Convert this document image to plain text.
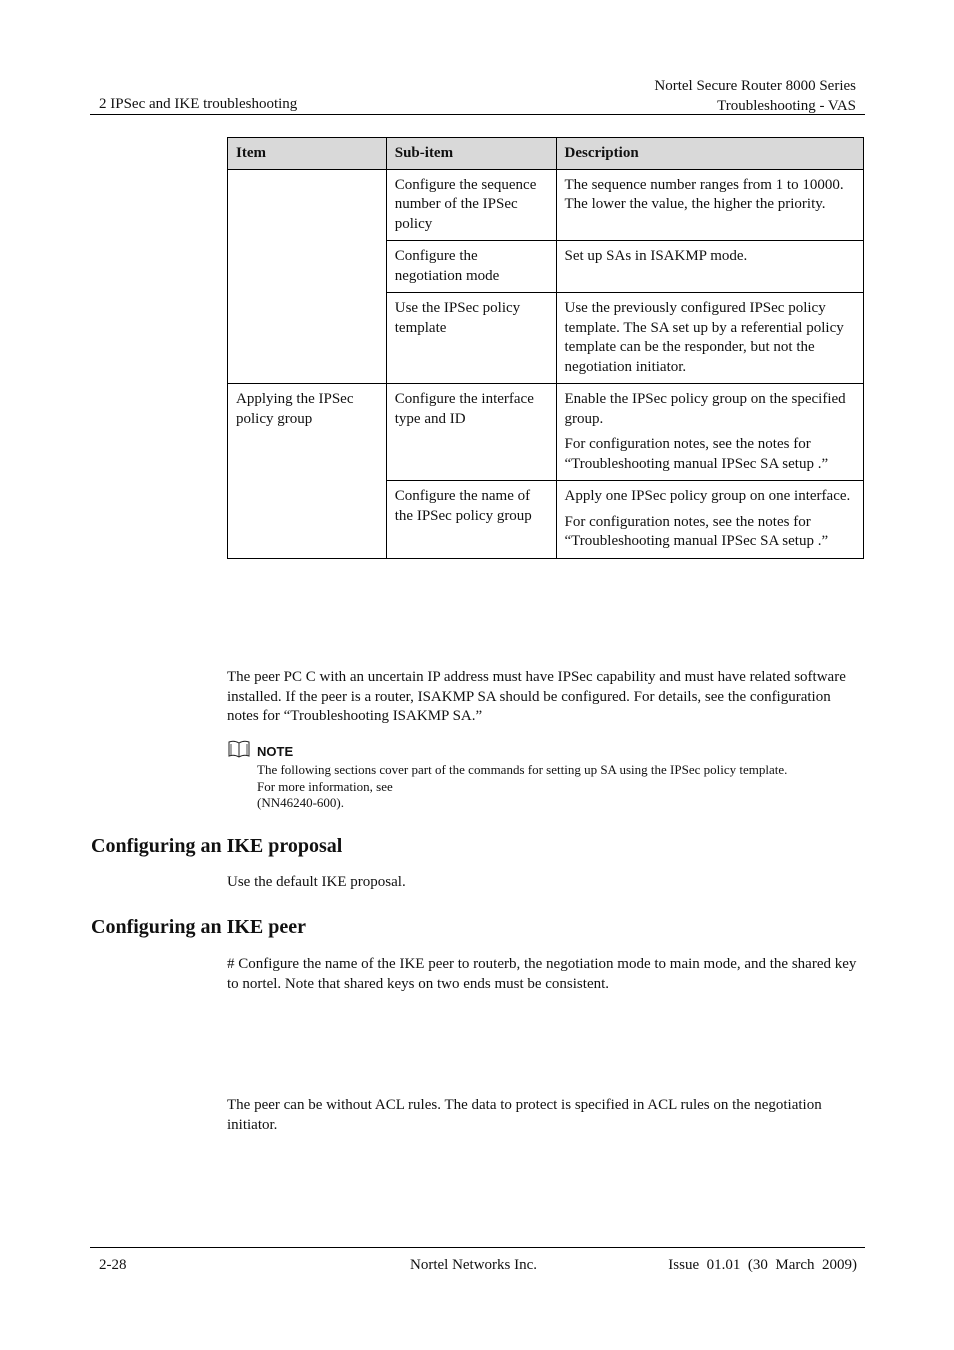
2 IPSec and IKE troubleshooting
Nortel Secure Router 8000 Series
Troubleshooting - VAS
Item	Sub-item	Description
	Configure the sequence number of the IPSec policy	The sequence number ranges from 1 to 10000. The lower the value, the higher the priority.

	Configure the negotiation mode	Set up SAs in ISAKMP mode.

	Use the IPSec policy template	Use the previously configured IPSec policy template. The SA set up by a referential policy template can be the responder, but not the negotiation initiator.

Applying the IPSec policy group	Configure the interface type and ID	Enable the IPSec policy group on the specified group.

For configuration notes, see the notes for “Troubleshooting manual IPSec SA setup .”

	Configure the name of the IPSec policy group	Apply one IPSec policy group on one interface.

For configuration notes, see the notes for “Troubleshooting manual IPSec SA setup .”

The peer PC C with an uncertain IP address must have IPSec capability and must have related software installed. If the peer is a router, ISAKMP SA should be configured. For details, see the configuration notes for “Troubleshooting ISAKMP SA.”
NOTE
The following sections cover part of the commands for setting up SA using the IPSec policy template.
For more information, see
(NN46240-600).
Configuring an IKE proposal
Use the default IKE proposal.
Configuring an IKE peer
# Configure the name of the IKE peer to routerb, the negotiation mode to main mode, and the shared key to nortel. Note that shared keys on two ends must be consistent.
The peer can be without ACL rules. The data to protect is specified in ACL rules on the negotiation initiator.
2-28	Nortel Networks Inc.	Issue  01.01  (30  March  2009)
